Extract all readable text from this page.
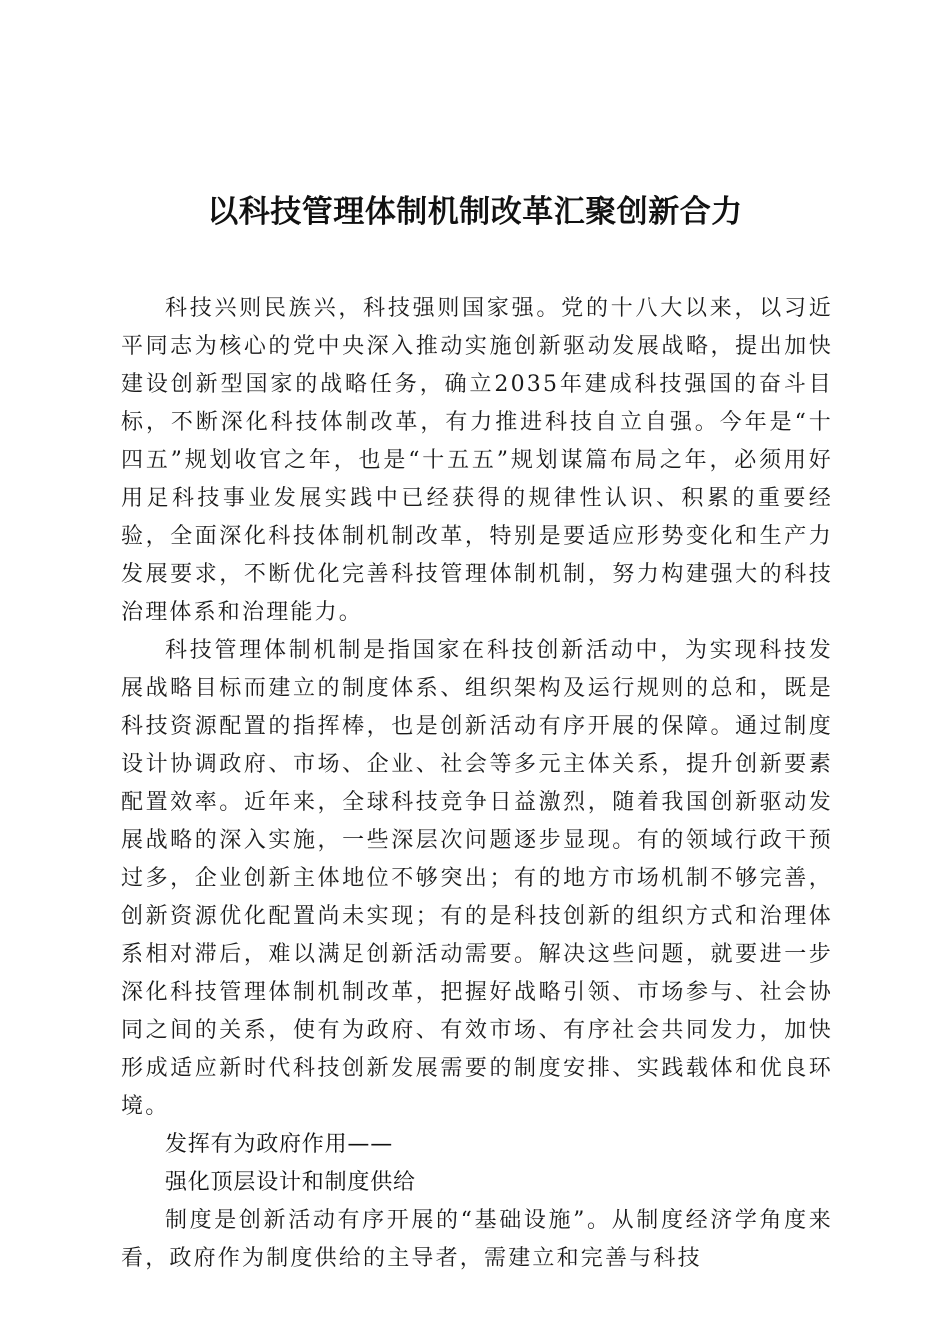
以科技管理体制机制改革汇聚创新合力

科技兴则民族兴，科技强则国家强。党的十八大以来，以习近平同志为核心的党中央深入推动实施创新驱动发展战略，提出加快建设创新型国家的战略任务，确立2035年建成科技强国的奋斗目标，不断深化科技体制改革，有力推进科技自立自强。今年是“十四五”规划收官之年，也是“十五五”规划谋篇布局之年，必须用好用足科技事业发展实践中已经获得的规律性认识、积累的重要经验，全面深化科技体制机制改革，特别是要适应形势变化和生产力发展要求，不断优化完善科技管理体制机制，努力构建强大的科技治理体系和治理能力。

科技管理体制机制是指国家在科技创新活动中，为实现科技发展战略目标而建立的制度体系、组织架构及运行规则的总和，既是科技资源配置的指挥棒，也是创新活动有序开展的保障。通过制度设计协调政府、市场、企业、社会等多元主体关系，提升创新要素配置效率。近年来，全球科技竞争日益激烈，随着我国创新驱动发展战略的深入实施，一些深层次问题逐步显现。有的领域行政干预过多，企业创新主体地位不够突出；有的地方市场机制不够完善，创新资源优化配置尚未实现；有的是科技创新的组织方式和治理体系相对滞后，难以满足创新活动需要。解决这些问题，就要进一步深化科技管理体制机制改革，把握好战略引领、市场参与、社会协同之间的关系，使有为政府、有效市场、有序社会共同发力，加快形成适应新时代科技创新发展需要的制度安排、实践载体和优良环境。

发挥有为政府作用——

强化顶层设计和制度供给

制度是创新活动有序开展的“基础设施”。从制度经济学角度来看，政府作为制度供给的主导者，需建立和完善与科技
